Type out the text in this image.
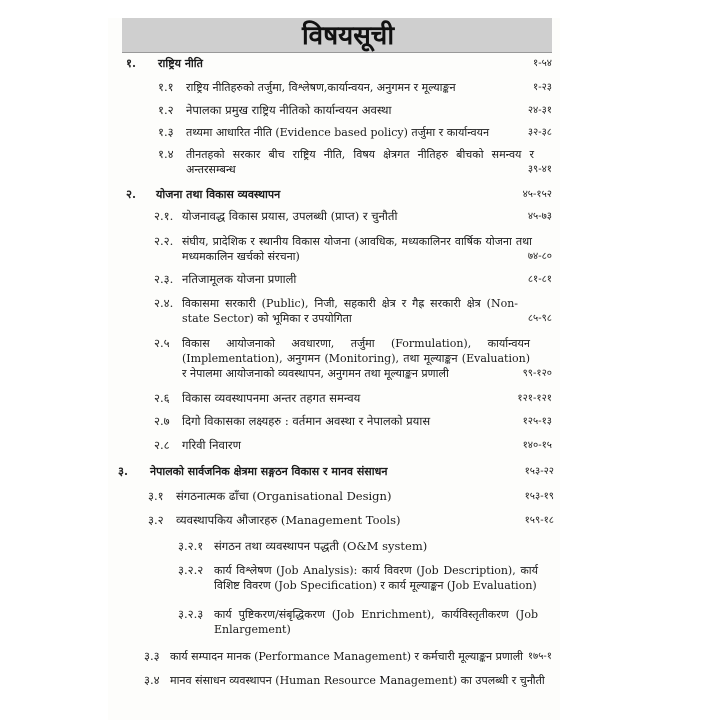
विषयसूची
१. राष्ट्रिय नीति	१-५४
१.१ राष्ट्रिय नीतिहरुको तर्जुमा, विश्लेषण,कार्यान्वयन, अनुगमन र मूल्याङ्कन	१-२३
१.२ नेपालका प्रमुख राष्ट्रिय नीतिको कार्यान्वयन अवस्था	२४-३१
१.३ तथ्यमा आधारित नीति (Evidence based policy) तर्जुमा र कार्यान्वयन	३२-३८
१.४ तीनतहको सरकार बीच राष्ट्रिय नीति, विषय क्षेत्रगत नीतिहरु बीचको समन्वय र अन्तरसम्बन्ध	३९-४१
२. योजना तथा विकास व्यवस्थापन	४५-१५२
२.१. योजनावद्ध विकास प्रयास, उपलब्धी (प्राप्त) र चुनौती	४५-७३
२.२. संघीय, प्रादेशिक र स्थानीय विकास योजना (आवधिक, मध्यकालिनर वार्षिक योजना तथा मध्यमकालिन खर्चको संरचना)	७४-८०
२.३. नतिजामूलक योजना प्रणाली	८१-८१
२.४. विकासमा सरकारी (Public), निजी, सहकारी क्षेत्र र गैह्र सरकारी क्षेत्र (Non-state Sector) को भूमिका र उपयोगिता	८५-९८
२.५ विकास आयोजनाको अवधारणा, तर्जुमा (Formulation), कार्यान्वयन (Implementation), अनुगमन (Monitoring), तथा मूल्याङ्कन (Evaluation) र नेपालमा आयोजनाको व्यवस्थापन, अनुगमन तथा मूल्याङ्कन प्रणाली	९९-१२०
२.६ विकास व्यवस्थापनमा अन्तर तहगत समन्वय	१२१-१२१
२.७ दिगो विकासका लक्ष्यहरु : वर्तमान अवस्था र नेपालको प्रयास	१२५-१३
२.८ गरिवी निवारण	१४०-१५
३. नेपालको सार्वजनिक क्षेत्रमा सङ्गठन विकास र मानव संसाधन	१५३-२२
३.१ संगठनात्मक ढाँचा (Organisational Design)	१५३-१९
३.२ व्यवस्थापकिय औजारहरु (Management Tools)	१५९-१८
३.२.१ संगठन तथा व्यवस्थापन पद्धती (O&M system)
३.२.२ कार्य विश्लेषण (Job Analysis): कार्य विवरण (Job Description), कार्य विशिष्ट विवरण (Job Specification) र कार्य मूल्याङ्कन (Job Evaluation)
३.२.३ कार्य पुष्टिकरण/संबृद्धिकरण (Job Enrichment), कार्यविस्तृतीकरण (Job Enlargement)
३.३ कार्य सम्पादन मानक (Performance Management) र कर्मचारी मूल्याङ्कन प्रणाली १७५-१
३.४ मानव संसाधन व्यवस्थापन (Human Resource Management) का उपलब्धी र चुनौती
